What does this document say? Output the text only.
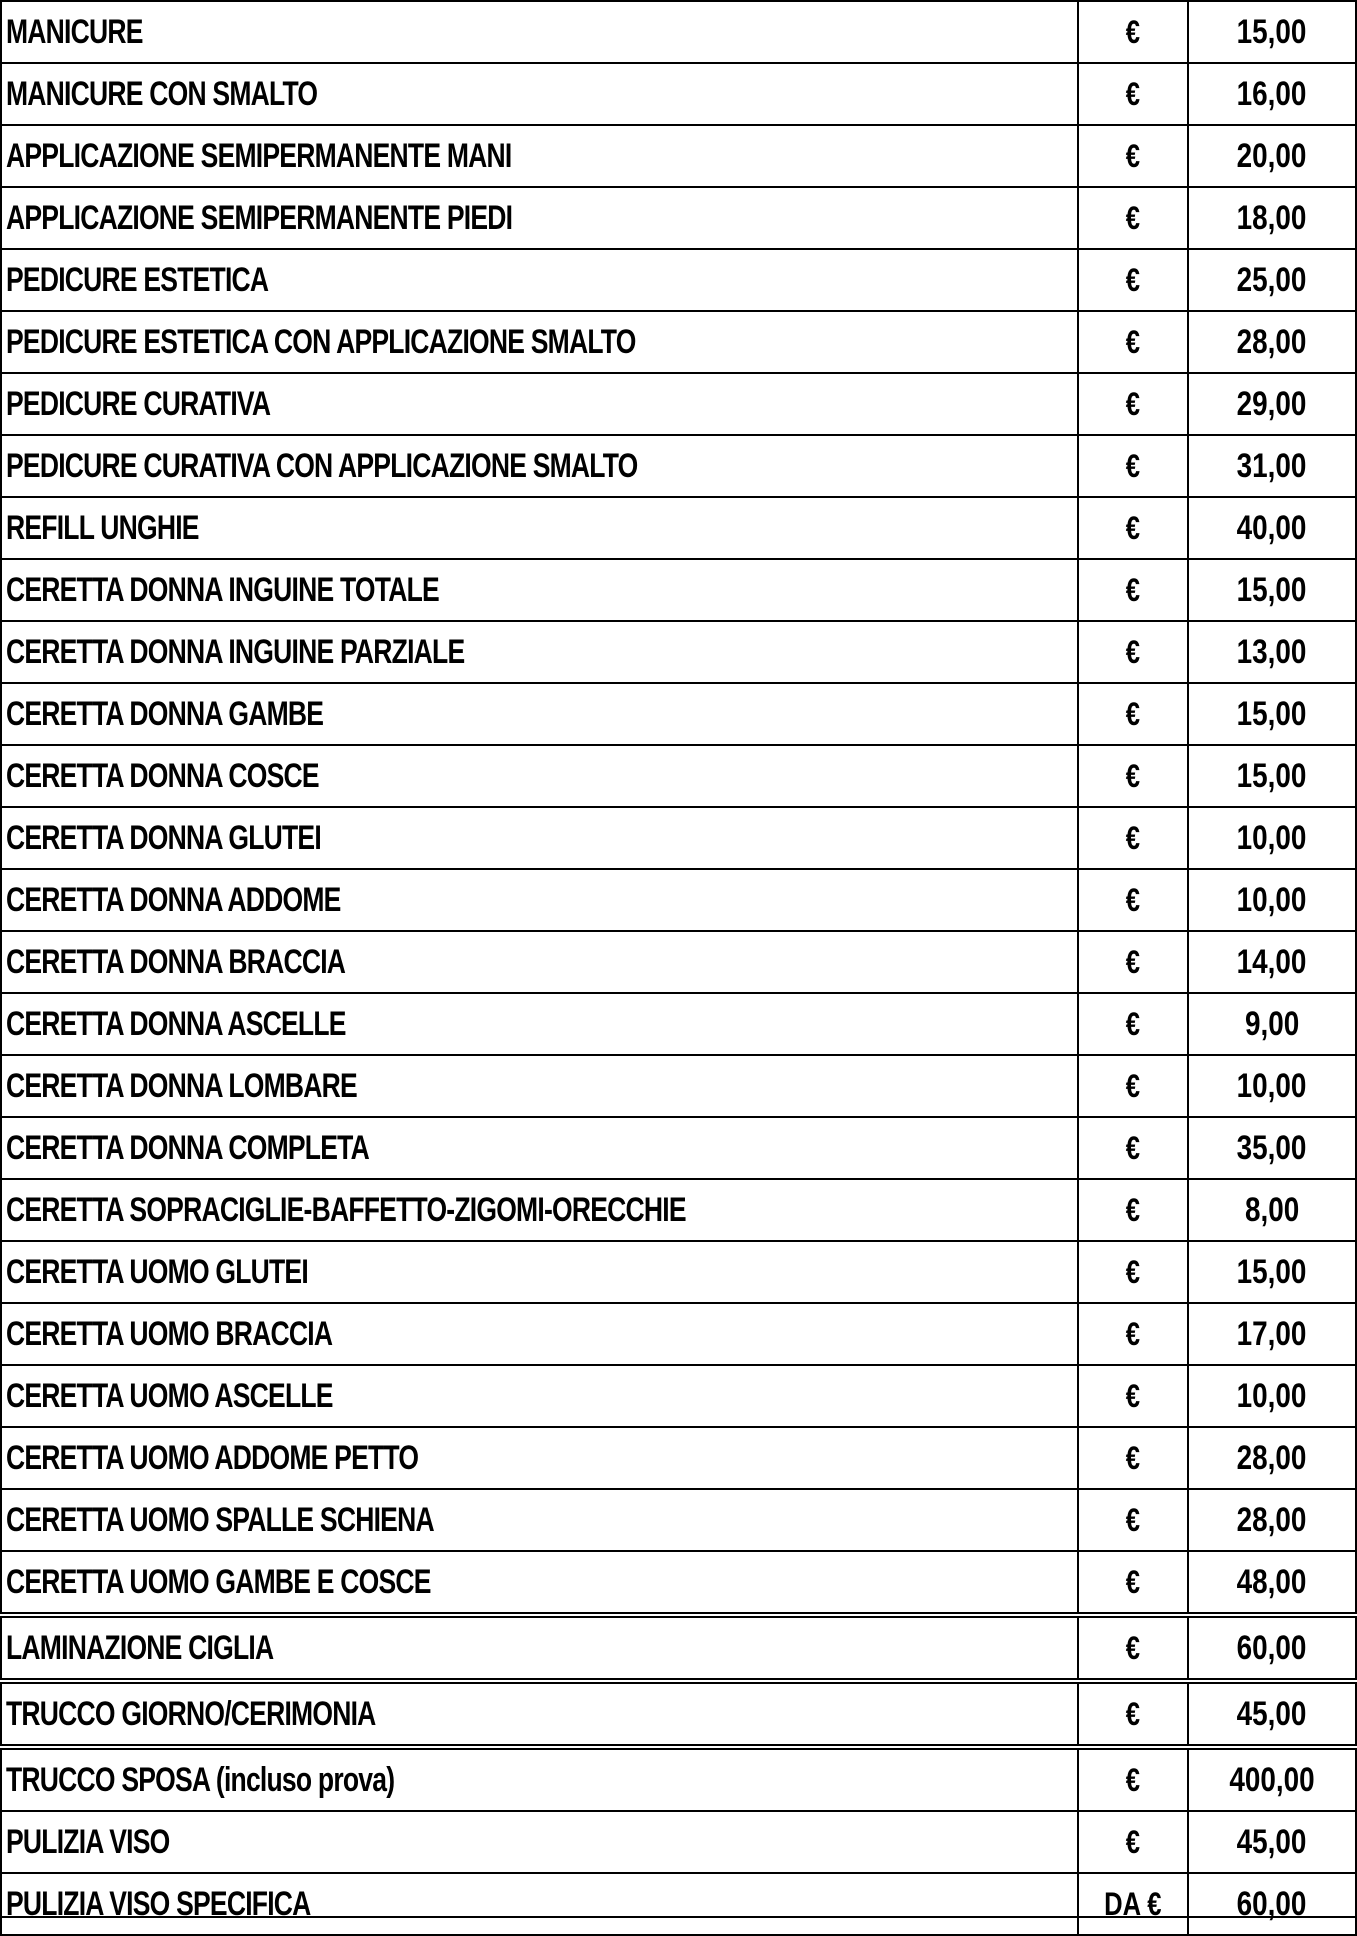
MANICURE	€	15,00
MANICURE CON SMALTO	€	16,00
APPLICAZIONE SEMIPERMANENTE MANI	€	20,00
APPLICAZIONE SEMIPERMANENTE PIEDI	€	18,00
PEDICURE ESTETICA	€	25,00
PEDICURE ESTETICA CON APPLICAZIONE SMALTO	€	28,00
PEDICURE CURATIVA	€	29,00
PEDICURE CURATIVA CON APPLICAZIONE SMALTO	€	31,00
REFILL UNGHIE	€	40,00
CERETTA DONNA INGUINE TOTALE	€	15,00
CERETTA DONNA INGUINE PARZIALE	€	13,00
CERETTA DONNA GAMBE	€	15,00
CERETTA DONNA COSCE	€	15,00
CERETTA DONNA GLUTEI	€	10,00
CERETTA DONNA ADDOME	€	10,00
CERETTA DONNA BRACCIA	€	14,00
CERETTA DONNA ASCELLE	€	9,00
CERETTA DONNA LOMBARE	€	10,00
CERETTA DONNA COMPLETA	€	35,00
CERETTA SOPRACIGLIE-BAFFETTO-ZIGOMI-ORECCHIE	€	8,00
CERETTA UOMO GLUTEI	€	15,00
CERETTA UOMO BRACCIA	€	17,00
CERETTA UOMO ASCELLE	€	10,00
CERETTA UOMO ADDOME PETTO	€	28,00
CERETTA UOMO SPALLE SCHIENA	€	28,00
CERETTA UOMO GAMBE E COSCE	€	48,00
LAMINAZIONE CIGLIA	€	60,00
TRUCCO GIORNO/CERIMONIA	€	45,00
TRUCCO SPOSA (incluso prova)	€	400,00
PULIZIA VISO	€	45,00
PULIZIA VISO SPECIFICA	DA €	60,00
